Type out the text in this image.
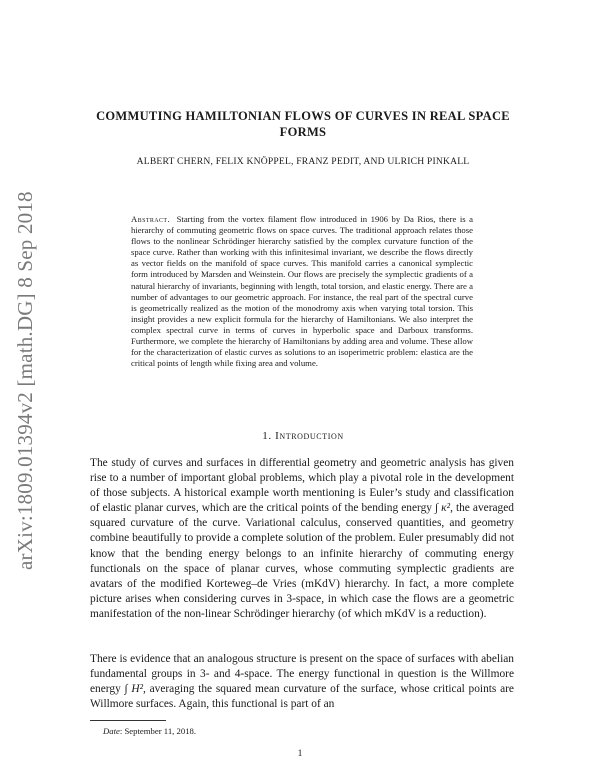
arXiv:1809.01394v2 [math.DG] 8 Sep 2018
COMMUTING HAMILTONIAN FLOWS OF CURVES IN REAL SPACE FORMS
ALBERT CHERN, FELIX KNÖPPEL, FRANZ PEDIT, AND ULRICH PINKALL
Abstract. Starting from the vortex filament flow introduced in 1906 by Da Rios, there is a hierarchy of commuting geometric flows on space curves. The traditional approach relates those flows to the nonlinear Schrödinger hierarchy satisfied by the complex curvature function of the space curve. Rather than working with this infinitesimal invariant, we describe the flows directly as vector fields on the manifold of space curves. This manifold carries a canonical symplectic form introduced by Marsden and Weinstein. Our flows are precisely the symplectic gradients of a natural hierarchy of invariants, beginning with length, total torsion, and elastic energy. There are a number of advantages to our geometric approach. For instance, the real part of the spectral curve is geometrically realized as the motion of the monodromy axis when varying total torsion. This insight provides a new explicit formula for the hierarchy of Hamiltonians. We also interpret the complex spectral curve in terms of curves in hyperbolic space and Darboux transforms. Furthermore, we complete the hierarchy of Hamiltonians by adding area and volume. These allow for the characterization of elastic curves as solutions to an isoperimetric problem: elastica are the critical points of length while fixing area and volume.
1. Introduction

The study of curves and surfaces in differential geometry and geometric analysis has given rise to a number of important global problems, which play a pivotal role in the development of those subjects. A historical example worth mentioning is Euler’s study and classification of elastic planar curves, which are the critical points of the bending energy ∫ κ², the averaged squared curvature of the curve. Variational calculus, conserved quantities, and geometry combine beautifully to provide a complete solution of the problem. Euler presumably did not know that the bending energy belongs to an infinite hierarchy of commuting energy functionals on the space of planar curves, whose commuting symplectic gradients are avatars of the modified Korteweg–de Vries (mKdV) hierarchy. In fact, a more complete picture arises when considering curves in 3-space, in which case the flows are a geometric manifestation of the non-linear Schrödinger hierarchy (of which mKdV is a reduction).

There is evidence that an analogous structure is present on the space of surfaces with abelian fundamental groups in 3- and 4-space. The energy functional in question is the Willmore energy ∫ H², averaging the squared mean curvature of the surface, whose critical points are Willmore surfaces. Again, this functional is part of an

Date: September 11, 2018.
1
